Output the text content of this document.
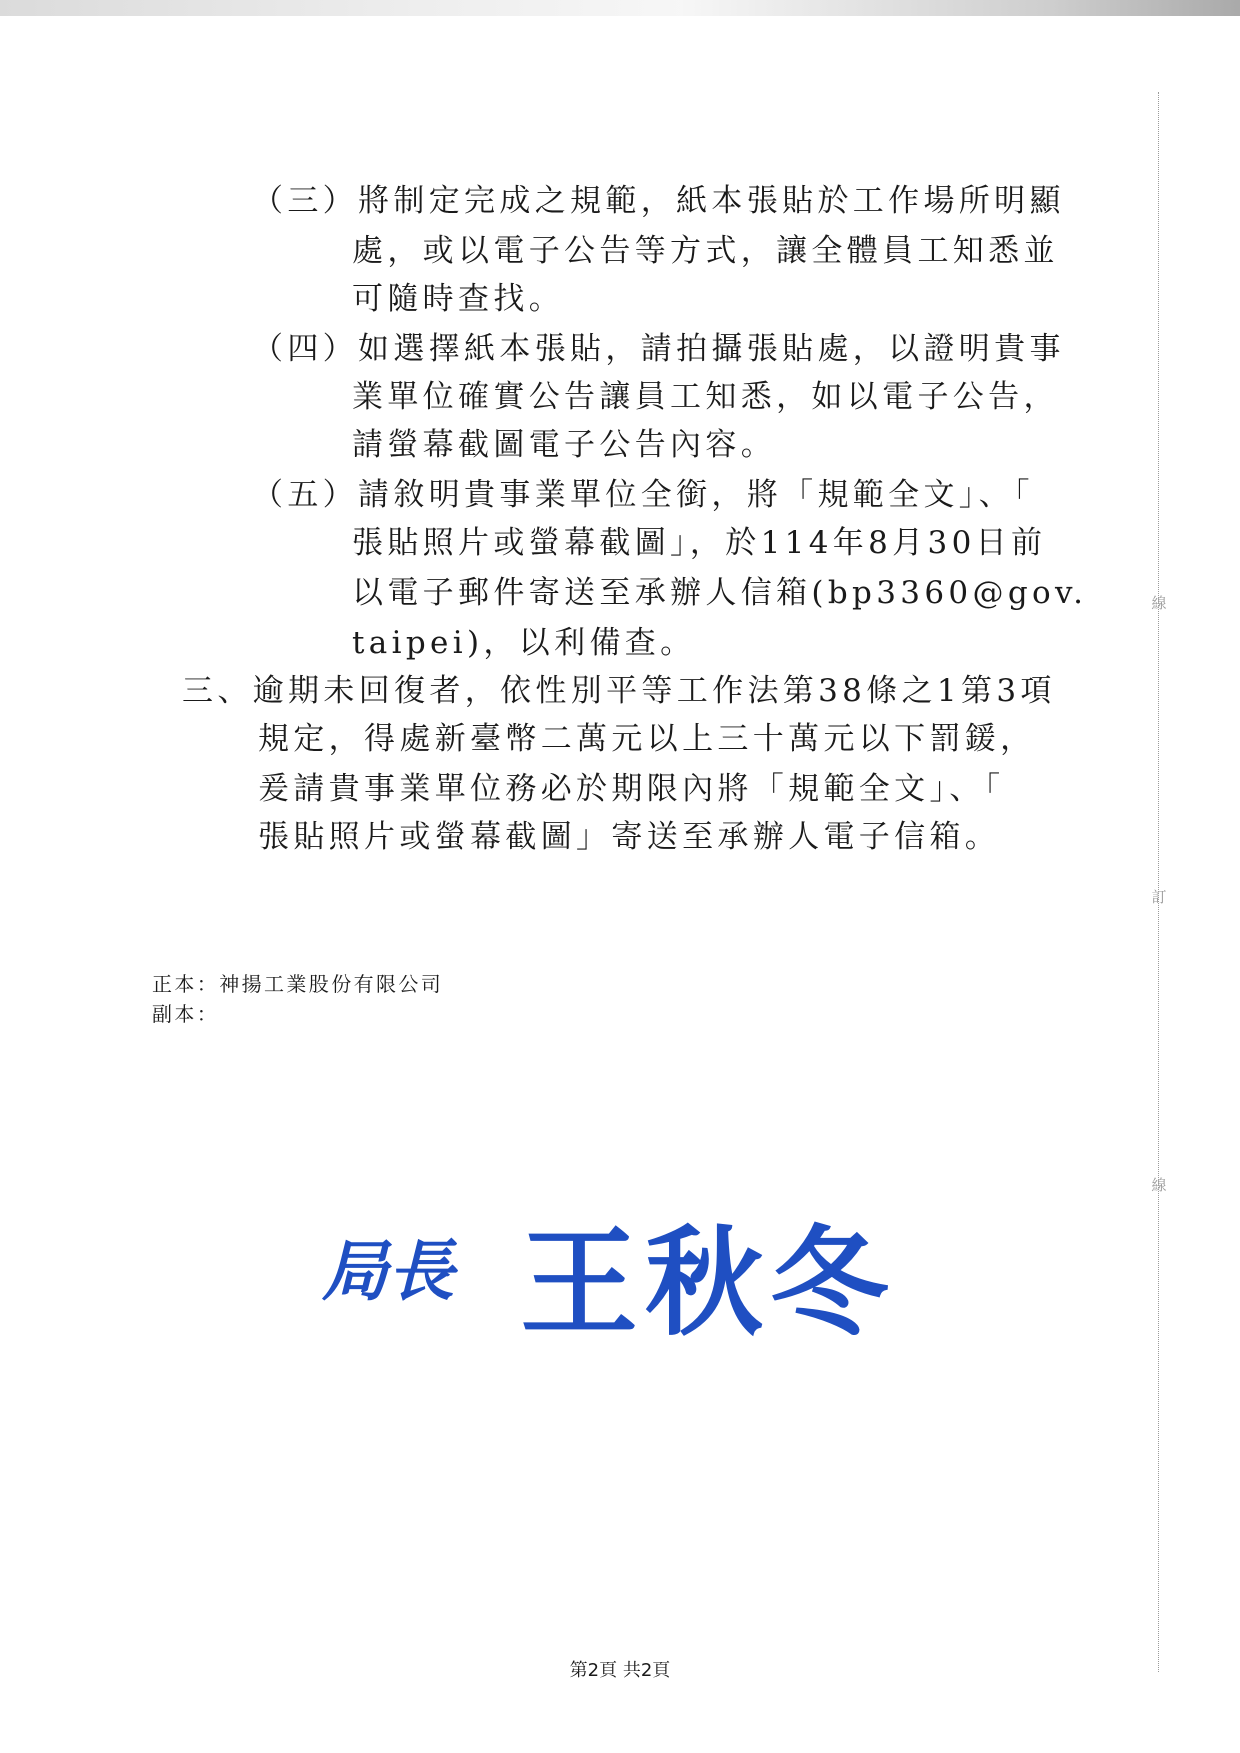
線
訂
線
（三）將制定完成之規範，紙本張貼於工作場所明顯
處，或以電子公告等方式，讓全體員工知悉並
可隨時查找。
（四）如選擇紙本張貼，請拍攝張貼處，以證明貴事
業單位確實公告讓員工知悉，如以電子公告，
請螢幕截圖電子公告內容。
（五）請敘明貴事業單位全銜，將「規範全文」、「
張貼照片或螢幕截圖」，於114年8月30日前
以電子郵件寄送至承辦人信箱(bp3360@gov.
taipei)，以利備查。
三、逾期未回復者，依性別平等工作法第38條之1第3項
規定，得處新臺幣二萬元以上三十萬元以下罰鍰，
爰請貴事業單位務必於期限內將「規範全文」、「
張貼照片或螢幕截圖」寄送至承辦人電子信箱。
正本：神揚工業股份有限公司
副本：
局長 王秋冬
第2頁 共2頁
